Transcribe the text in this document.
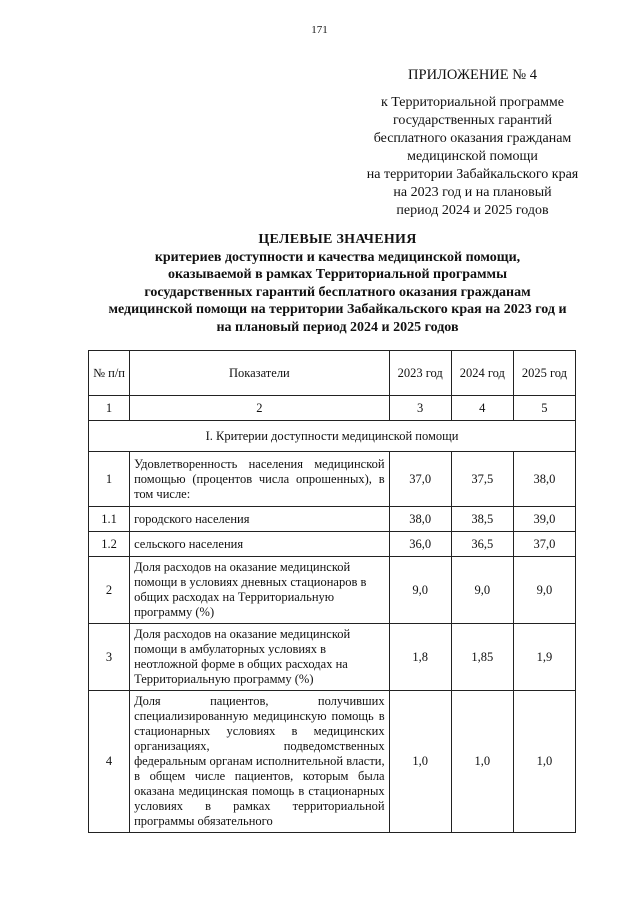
171
ПРИЛОЖЕНИЕ № 4
к Территориальной программе
государственных гарантий
бесплатного оказания гражданам
медицинской помощи
на территории Забайкальского края
на 2023 год и на плановый
период 2024 и 2025 годов
ЦЕЛЕВЫЕ ЗНАЧЕНИЯ
критериев доступности и качества медицинской помощи,
оказываемой в рамках Территориальной программы
государственных гарантий бесплатного оказания гражданам
медицинской помощи на территории Забайкальского края на 2023 год и
на плановый период 2024 и 2025 годов
№ п/п	Показатели	2023 год	2024 год	2025 год
1	2	3	4	5
I. Критерии доступности медицинской помощи				
1	Удовлетворенность населения медицинской помощью (процентов числа опрошенных), в том числе:	37,0	37,5	38,0
1.1	городского населения	38,0	38,5	39,0
1.2	сельского населения	36,0	36,5	37,0
2	Доля расходов на оказание медицинской помощи в условиях дневных стационаров в общих расходах на Территориальную программу (%)	9,0	9,0	9,0
3	Доля расходов на оказание медицинской помощи в амбулаторных условиях в неотложной форме в общих расходах на Территориальную программу (%)	1,8	1,85	1,9
4	Доля пациентов, получивших специализированную медицинскую помощь в стационарных условиях в медицинских организациях, подведомственных федеральным органам исполнительной власти, в общем числе пациентов, которым была оказана медицинская помощь в стационарных условиях в рамках территориальной программы обязательного	1,0	1,0	1,0
